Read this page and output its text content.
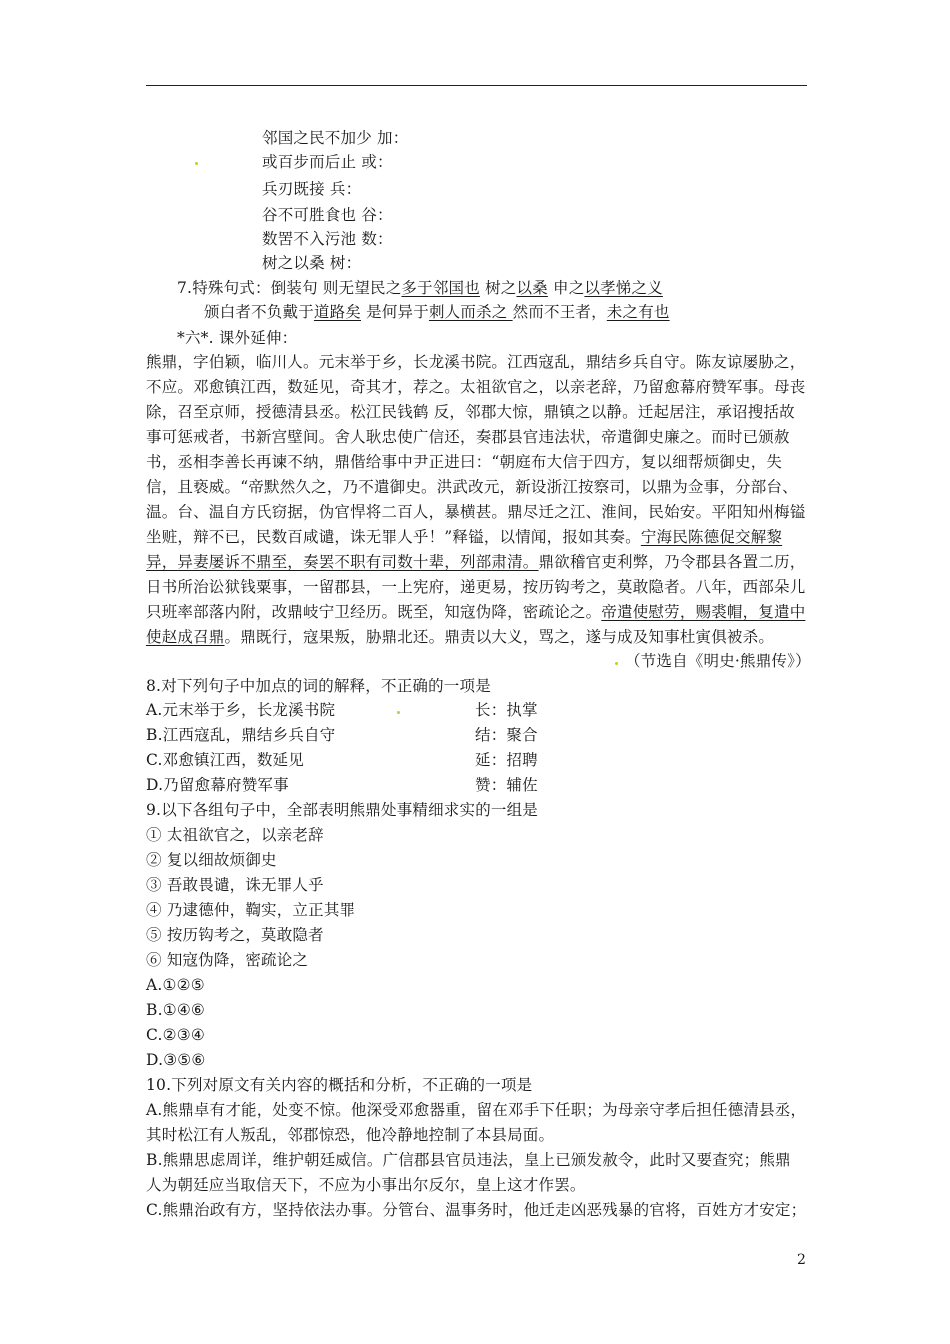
邻国之民不加少 加：
或百步而后止 或：
兵刃既接 兵：
谷不可胜食也 谷：
数罟不入污池 数：
树之以桑 树：
7.特殊句式：倒装句 则无望民之多于邻国也 树之以桑 申之以孝悌之义
颁白者不负戴于道路矣 是何异于刺人而杀之 然而不王者，未之有也
*六*. 课外延伸：
熊鼎，字伯颖，临川人。元末举于乡，长龙溪书院。江西寇乱，鼎结乡兵自守。陈友谅屡胁之，
不应。邓愈镇江西，数延见，奇其才，荐之。太祖欲官之，以亲老辞，乃留愈幕府赞军事。母丧
除，召至京师，授德清县丞。松江民钱鹤 反，邻郡大惊，鼎镇之以静。迁起居注，承诏搜括故
事可惩戒者，书新宫壁间。舍人耿忠使广信还，奏郡县官违法状，帝遣御史廉之。而时已颁赦
书，丞相李善长再谏不纳，鼎偕给事中尹正进曰：“朝庭布大信于四方，复以细帮烦御史，失
信，且亵威。“帝默然久之，乃不遣御史。洪武改元，新设浙江按察司，以鼎为佥事，分部台、
温。台、温自方氏窃据，伪官悍将二百人，暴横甚。鼎尽迁之江、淮间，民始安。平阳知州梅镒
坐赃，辩不已，民数百咸谴，诛无罪人乎！”释镒，以情闻，报如其奏。宁海民陈德促交解黎
异，异妻屡诉不鼎至，奏罢不职有司数十辈，列部肃清。鼎欲稽官吏利弊，乃令郡县各置二历，
日书所治讼狱钱粟事，一留郡县，一上宪府，递更易，按历钩考之，莫敢隐者。八年，西部朵儿
只班率部落内附，改鼎岐宁卫经历。既至，知寇伪降，密疏论之。帝遣使慰劳，赐裘帽，复遣中
使赵成召鼎。鼎既行，寇果叛，胁鼎北还。鼎责以大义，骂之，遂与成及知事杜寅俱被杀。
（节选自《明史·熊鼎传》）
8.对下列句子中加点的词的解释，不正确的一项是
A.元末举于乡，长龙溪书院	长：执掌
B.江西寇乱，鼎结乡兵自守	结：聚合
C.邓愈镇江西，数延见	延：招聘
D.乃留愈幕府赞军事	赞：辅佐
9.以下各组句子中，全部表明熊鼎处事精细求实的一组是
① 太祖欲官之，以亲老辞
② 复以细故烦御史
③ 吾敢畏谴，诛无罪人乎
④ 乃逮德仲，鞫实，立正其罪
⑤ 按历钩考之，莫敢隐者
⑥ 知寇伪降，密疏论之
A.①②⑤
B.①④⑥
C.②③④
D.③⑤⑥
10.下列对原文有关内容的概括和分析，不正确的一项是
A.熊鼎卓有才能，处变不惊。他深受邓愈器重，留在邓手下任职；为母亲守孝后担任德清县丞，
其时松江有人叛乱，邻郡惊恐，他冷静地控制了本县局面。
B.熊鼎思虑周详，维护朝廷威信。广信郡县官员违法，皇上已颁发赦令，此时又要查究；熊鼎
人为朝廷应当取信天下，不应为小事出尔反尔，皇上这才作罢。
C.熊鼎治政有方，坚持依法办事。分管台、温事务时，他迁走凶恶残暴的官将，百姓方才安定；
2
